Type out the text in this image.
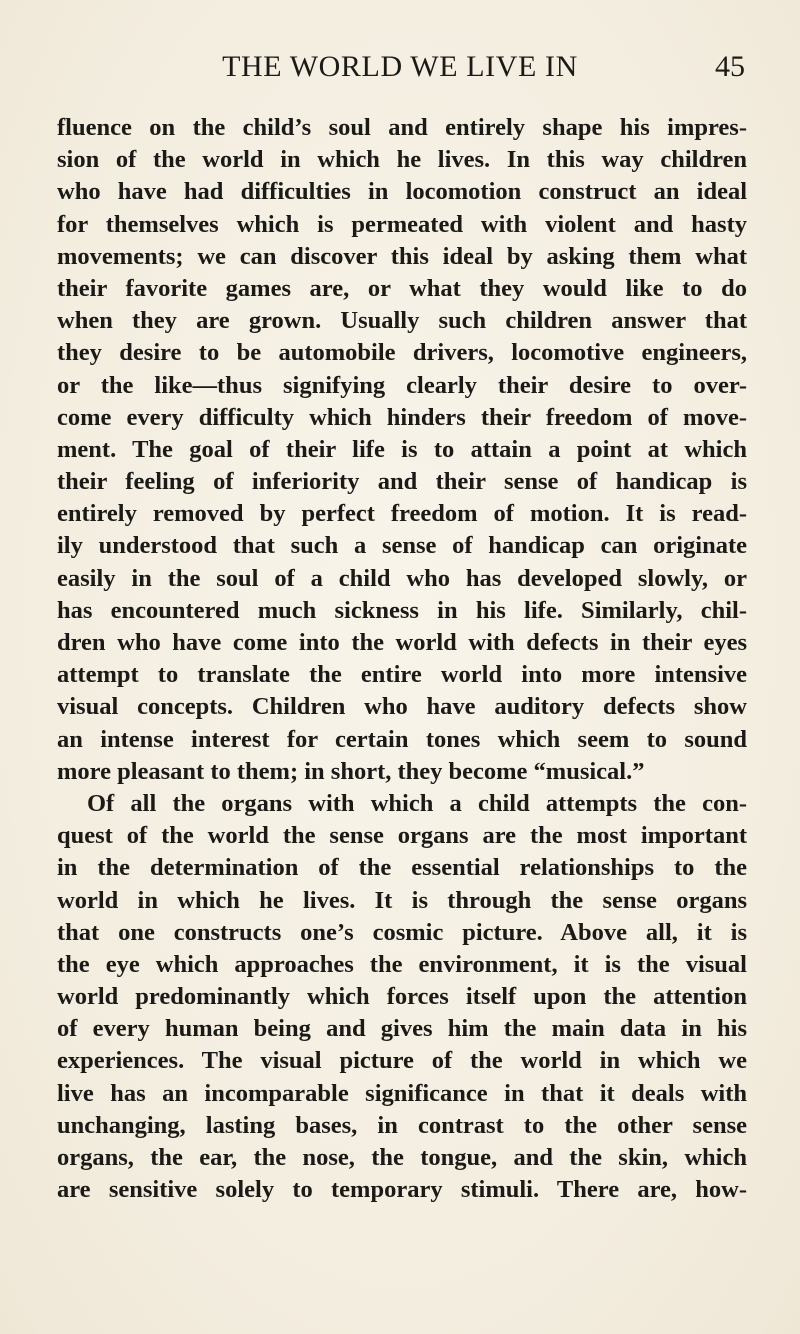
THE WORLD WE LIVE IN	45
fluence on the child’s soul and entirely shape his impres-
sion of the world in which he lives. In this way children
who have had difficulties in locomotion construct an ideal
for themselves which is permeated with violent and hasty
movements; we can discover this ideal by asking them what
their favorite games are, or what they would like to do
when they are grown. Usually such children answer that
they desire to be automobile drivers, locomotive engineers,
or the like—thus signifying clearly their desire to over-
come every difficulty which hinders their freedom of move-
ment. The goal of their life is to attain a point at which
their feeling of inferiority and their sense of handicap is
entirely removed by perfect freedom of motion. It is read-
ily understood that such a sense of handicap can originate
easily in the soul of a child who has developed slowly, or
has encountered much sickness in his life. Similarly, chil-
dren who have come into the world with defects in their eyes
attempt to translate the entire world into more intensive
visual concepts. Children who have auditory defects show
an intense interest for certain tones which seem to sound
more pleasant to them; in short, they become “musical.”
Of all the organs with which a child attempts the con-
quest of the world the sense organs are the most important
in the determination of the essential relationships to the
world in which he lives. It is through the sense organs
that one constructs one’s cosmic picture. Above all, it is
the eye which approaches the environment, it is the visual
world predominantly which forces itself upon the attention
of every human being and gives him the main data in his
experiences. The visual picture of the world in which we
live has an incomparable significance in that it deals with
unchanging, lasting bases, in contrast to the other sense
organs, the ear, the nose, the tongue, and the skin, which
are sensitive solely to temporary stimuli. There are, how-
